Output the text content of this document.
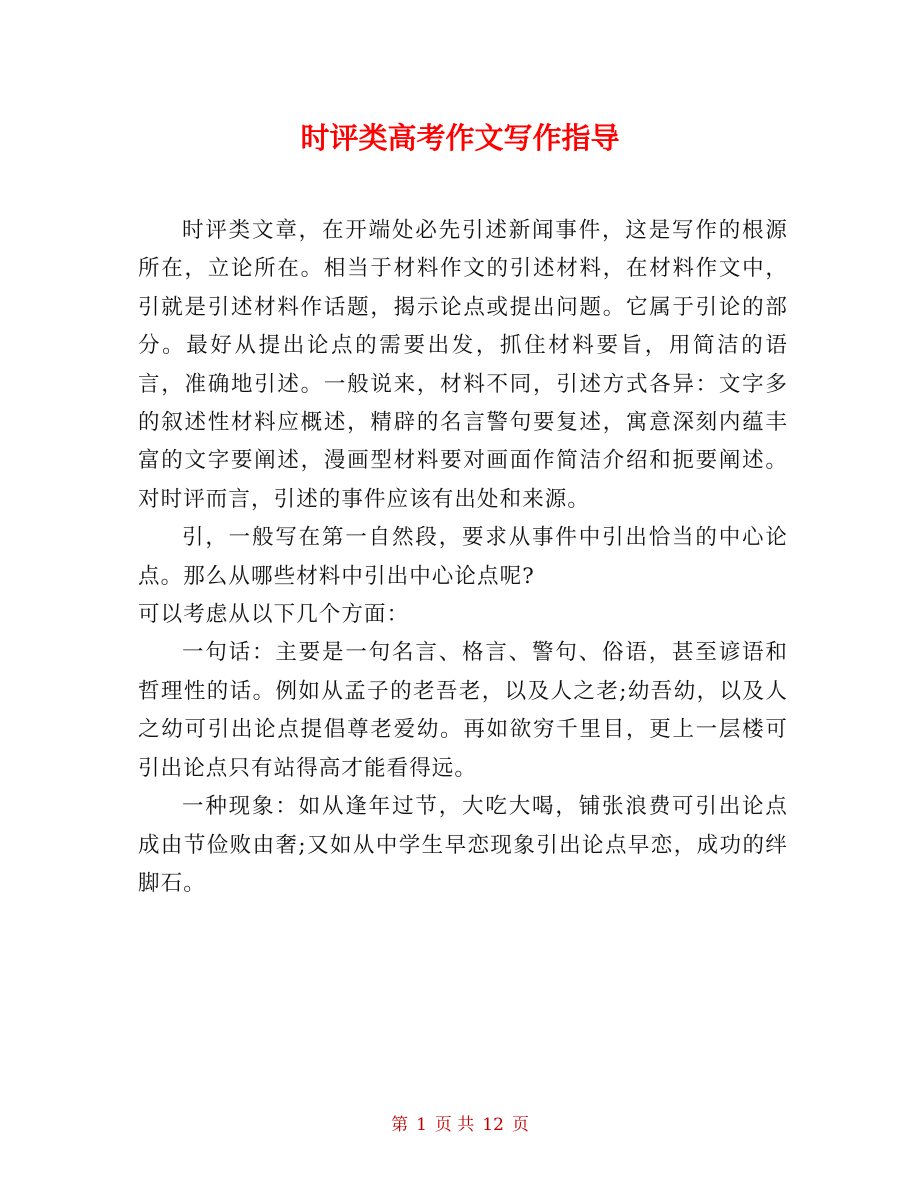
时评类高考作文写作指导

时评类文章，在开端处必先引述新闻事件，这是写作的根源所在，立论所在。相当于材料作文的引述材料，在材料作文中，引就是引述材料作话题，揭示论点或提出问题。它属于引论的部分。最好从提出论点的需要出发，抓住材料要旨，用简洁的语言，准确地引述。一般说来，材料不同，引述方式各异：文字多的叙述性材料应概述，精辟的名言警句要复述，寓意深刻内蕴丰富的文字要阐述，漫画型材料要对画面作简洁介绍和扼要阐述。对时评而言，引述的事件应该有出处和来源。

引，一般写在第一自然段，要求从事件中引出恰当的中心论点。那么从哪些材料中引出中心论点呢?

可以考虑从以下几个方面：

一句话：主要是一句名言、格言、警句、俗语，甚至谚语和哲理性的话。例如从孟子的老吾老，以及人之老;幼吾幼，以及人之幼可引出论点提倡尊老爱幼。再如欲穷千里目，更上一层楼可引出论点只有站得高才能看得远。

一种现象：如从逢年过节，大吃大喝，铺张浪费可引出论点成由节俭败由奢;又如从中学生早恋现象引出论点早恋，成功的绊脚石。

第 1 页 共 12 页
